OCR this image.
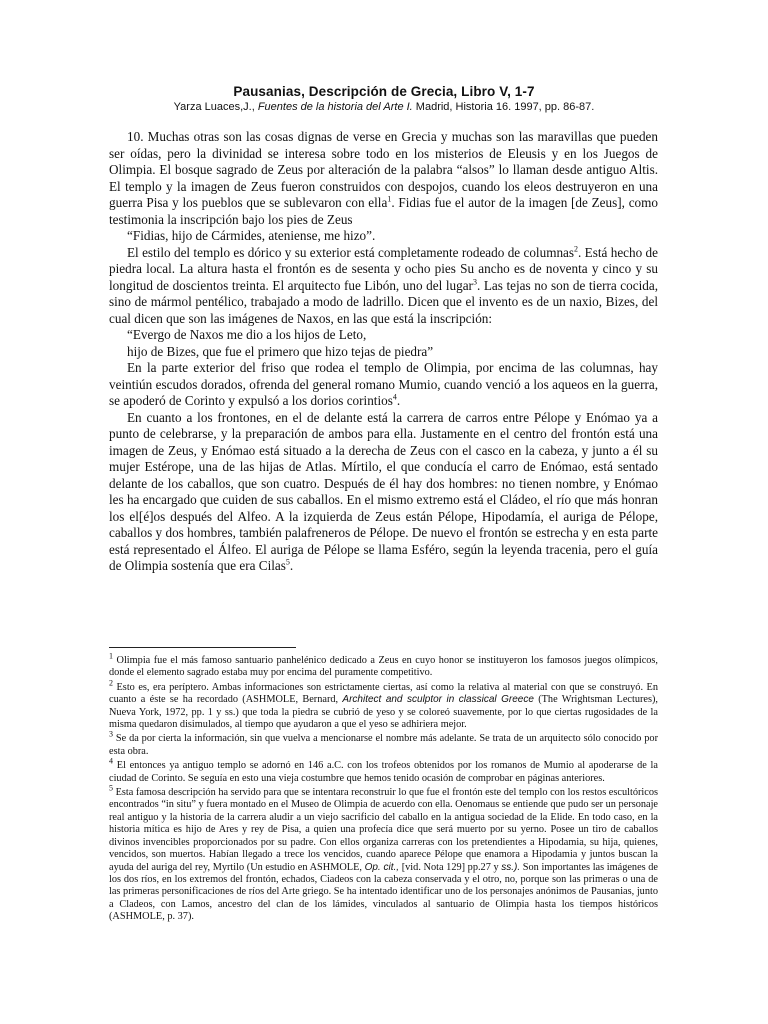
Pausanias, Descripción de Grecia, Libro V, 1-7
Yarza Luaces,J., Fuentes de la historia del Arte I. Madrid, Historia 16. 1997, pp. 86-87.

10. Muchas otras son las cosas dignas de verse en Grecia y muchas son las maravillas que pueden ser oídas, pero la divinidad se interesa sobre todo en los misterios de Eleusis y en los Juegos de Olimpia. El bosque sagrado de Zeus por alteración de la palabra “alsos” lo llaman desde antiguo Altis. El templo y la imagen de Zeus fueron construidos con despojos, cuando los eleos destruyeron en una guerra Pisa y los pueblos que se sublevaron con ella$^1$. Fidias fue el autor de la imagen [de Zeus], como testimonia la inscripción bajo los pies de Zeus

“Fidias, hijo de Cármides, ateniense, me hizo”.

El estilo del templo es dórico y su exterior está completamente rodeado de columnas$^2$. Está hecho de piedra local. La altura hasta el frontón es de sesenta y ocho pies Su ancho es de noventa y cinco y su longitud de doscientos treinta. El arquitecto fue Libón, uno del lugar$^3$. Las tejas no son de tierra cocida, sino de mármol pentélico, trabajado a modo de ladrillo. Dicen que el invento es de un naxio, Bizes, del cual dicen que son las imágenes de Naxos, en las que está la inscripción:

“Evergo de Naxos me dio a los hijos de Leto,

hijo de Bizes, que fue el primero que hizo tejas de piedra”

En la parte exterior del friso que rodea el templo de Olimpia, por encima de las columnas, hay veintiún escudos dorados, ofrenda del general romano Mumio, cuando venció a los aqueos en la guerra, se apoderó de Corinto y expulsó a los dorios corintios$^4$.

En cuanto a los frontones, en el de delante está la carrera de carros entre Pélope y Enómao ya a punto de celebrarse, y la preparación de ambos para ella. Justamente en el centro del frontón está una imagen de Zeus, y Enómao está situado a la derecha de Zeus con el casco en la cabeza, y junto a él su mujer Estérope, una de las hijas de Atlas. Mírtilo, el que conducía el carro de Enómao, está sentado delante de los caballos, que son cuatro. Después de él hay dos hombres: no tienen nombre, y Enómao les ha encargado que cuiden de sus caballos. En el mismo extremo está el Cládeo, el río que más honran los el[é]os después del Alfeo. A la izquierda de Zeus están Pélope, Hipodamía, el auriga de Pélope, caballos y dos hombres, también palafreneros de Pélope. De nuevo el frontón se estrecha y en esta parte está representado el Álfeo. El auriga de Pélope se llama Esféro, según la leyenda tracenia, pero el guía de Olimpia sostenía que era Cilas$^5$.

$^1$ Olimpia fue el más famoso santuario panhelénico dedicado a Zeus en cuyo honor se instituyeron los famosos juegos olímpicos, donde el elemento sagrado estaba muy por encima del puramente competitivo.

$^2$ Esto es, era períptero. Ambas informaciones son estrictamente ciertas, así como la relativa al material con que se construyó. En cuanto a éste se ha recordado (ASHMOLE, Bernard, Architect and sculptor in classical Greece (The Wrightsman Lectures), Nueva York, 1972, pp. 1 y ss.) que toda la piedra se cubrió de yeso y se coloreó suavemente, por lo que ciertas rugosidades de la misma quedaron disimulados, al tiempo que ayudaron a que el yeso se adhiriera mejor.

$^3$ Se da por cierta la información, sin que vuelva a mencionarse el nombre más adelante. Se trata de un arquitecto sólo conocido por esta obra.

$^4$ El entonces ya antiguo templo se adornó en 146 a.C. con los trofeos obtenidos por los romanos de Mumio al apoderarse de la ciudad de Corinto. Se seguía en esto una vieja costumbre que hemos tenido ocasión de comprobar en páginas anteriores.

$^5$ Esta famosa descripción ha servido para que se intentara reconstruir lo que fue el frontón este del templo con los restos escultóricos encontrados “in situ” y fuera montado en el Museo de Olimpia de acuerdo con ella. Oenomaus se entiende que pudo ser un personaje real antiguo y la historia de la carrera aludir a un viejo sacrificio del caballo en la antigua sociedad de la Elide. En todo caso, en la historia mítica es hijo de Ares y rey de Pisa, a quien una profecía dice que será muerto por su yerno. Posee un tiro de caballos divinos invencibles proporcionados por su padre. Con ellos organiza carreras con los pretendientes a Hipodamia, su hija, quienes, vencidos, son muertos. Habían llegado a trece los vencidos, cuando aparece Pélope que enamora a Hipodamia y juntos buscan la ayuda del auriga del rey, Myrtilo (Un estudio en ASHMOLE, Op. cit., [vid. Nota 129] pp.27 y ss.). Son importantes las imágenes de los dos ríos, en los extremos del frontón, echados, Ciadeos con la cabeza conservada y el otro, no, porque son las primeras o una de las primeras personificaciones de ríos del Arte griego. Se ha intentado identificar uno de los personajes anónimos de Pausanias, junto a Cladeos, con Lamos, ancestro del clan de los lámides, vinculados al santuario de Olimpia hasta los tiempos históricos (ASHMOLE, p. 37).
